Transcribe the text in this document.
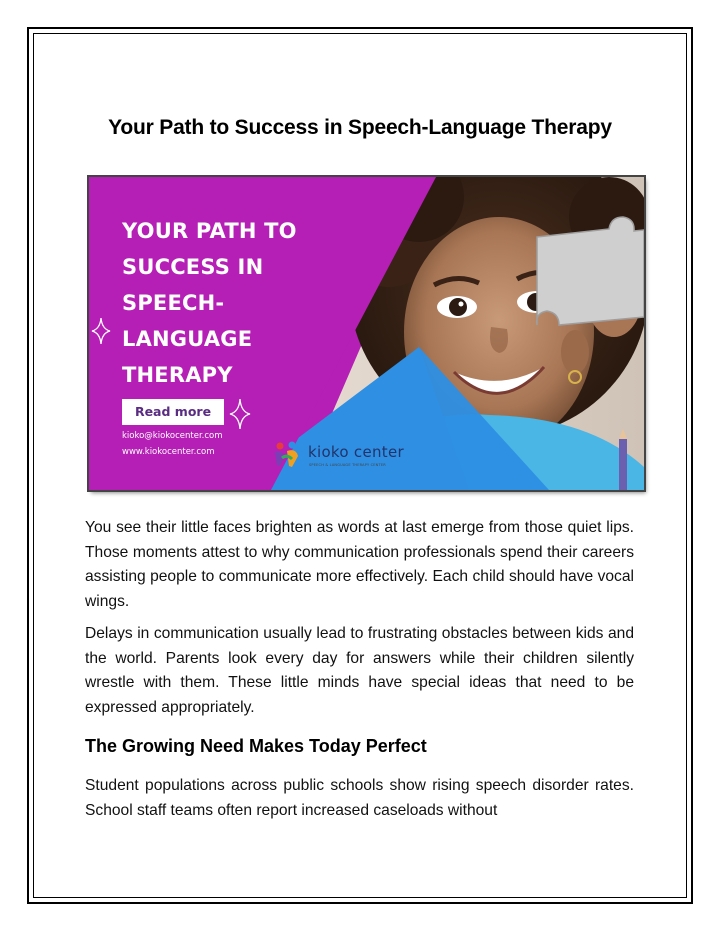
Your Path to Success in Speech-Language Therapy
YOUR PATH TO
SUCCESS IN
SPEECH-
LANGUAGE
THERAPY
Read more
kioko@kiokocenter.com
www.kiokocenter.com	kioko center
SPEECH & LANGUAGE THERAPY CENTER

You see their little faces brighten as words at last emerge from those quiet lips. Those moments attest to why communication professionals spend their careers assisting people to communicate more effectively. Each child should have vocal wings.

Delays in communication usually lead to frustrating obstacles between kids and the world. Parents look every day for answers while their children silently wrestle with them. These little minds have special ideas that need to be expressed appropriately.

The Growing Need Makes Today Perfect

Student populations across public schools show rising speech disorder rates. School staff teams often report increased caseloads without
